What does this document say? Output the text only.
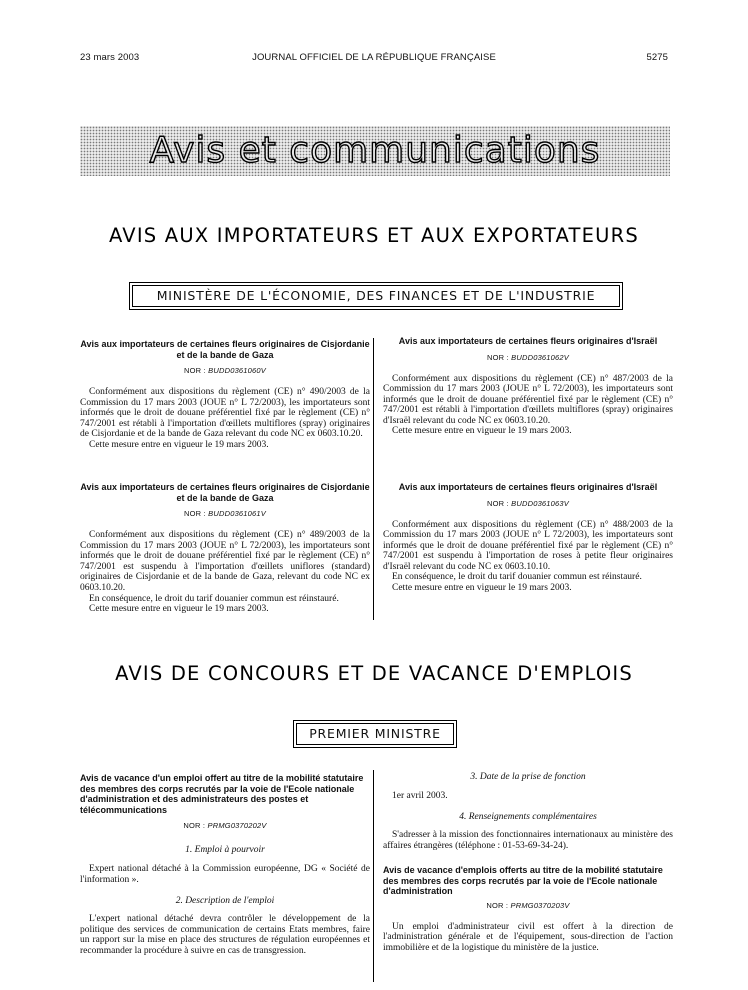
23 mars 2003	JOURNAL OFFICIEL DE LA RÉPUBLIQUE FRANÇAISE	5275
Avis et communications
AVIS AUX IMPORTATEURS ET AUX EXPORTATEURS
MINISTÈRE DE L'ÉCONOMIE, DES FINANCES ET DE L'INDUSTRIE
Avis aux importateurs de certaines fleurs originaires de Cisjordanie et de la bande de Gaza
NOR : BUDD0361060V
Conformément aux dispositions du règlement (CE) n° 490/2003 de la Commission du 17 mars 2003 (JOUE n° L 72/2003), les importateurs sont informés que le droit de douane préférentiel fixé par le règlement (CE) n° 747/2001 est rétabli à l'importation d'œillets multiflores (spray) originaires de Cisjordanie et de la bande de Gaza relevant du code NC ex 0603.10.20.
Cette mesure entre en vigueur le 19 mars 2003.
Avis aux importateurs de certaines fleurs originaires d'Israël
NOR : BUDD0361062V
Conformément aux dispositions du règlement (CE) n° 487/2003 de la Commission du 17 mars 2003 (JOUE n° L 72/2003), les importateurs sont informés que le droit de douane préférentiel fixé par le règlement (CE) n° 747/2001 est rétabli à l'importation d'œillets multiflores (spray) originaires d'Israël relevant du code NC ex 0603.10.20.
Cette mesure entre en vigueur le 19 mars 2003.
Avis aux importateurs de certaines fleurs originaires de Cisjordanie et de la bande de Gaza
NOR : BUDD0361061V
Conformément aux dispositions du règlement (CE) n° 489/2003 de la Commission du 17 mars 2003 (JOUE n° L 72/2003), les importateurs sont informés que le droit de douane préférentiel fixé par le règlement (CE) n° 747/2001 est suspendu à l'importation d'œillets uniflores (standard) originaires de Cisjordanie et de la bande de Gaza, relevant du code NC ex 0603.10.20.
En conséquence, le droit du tarif douanier commun est réinstauré.
Cette mesure entre en vigueur le 19 mars 2003.
Avis aux importateurs de certaines fleurs originaires d'Israël
NOR : BUDD0361063V
Conformément aux dispositions du règlement (CE) n° 488/2003 de la Commission du 17 mars 2003 (JOUE n° L 72/2003), les importateurs sont informés que le droit de douane préférentiel fixé par le règlement (CE) n° 747/2001 est suspendu à l'importation de roses à petite fleur originaires d'Israël relevant du code NC ex 0603.10.10.
En conséquence, le droit du tarif douanier commun est réinstauré.
Cette mesure entre en vigueur le 19 mars 2003.
AVIS DE CONCOURS ET DE VACANCE D'EMPLOIS
PREMIER MINISTRE
Avis de vacance d'un emploi offert au titre de la mobilité statutaire des membres des corps recrutés par la voie de l'Ecole nationale d'administration et des administrateurs des postes et télécommunications
NOR : PRMG0370202V
1. Emploi à pourvoir
Expert national détaché à la Commission européenne, DG « Société de l'information ».
2. Description de l'emploi
L'expert national détaché devra contrôler le développement de la politique des services de communication de certains Etats membres, faire un rapport sur la mise en place des structures de régulation européennes et recommander la procédure à suivre en cas de transgression.
3. Date de la prise de fonction
1er avril 2003.
4. Renseignements complémentaires
S'adresser à la mission des fonctionnaires internationaux au ministère des affaires étrangères (téléphone : 01-53-69-34-24).
Avis de vacance d'emplois offerts au titre de la mobilité statutaire des membres des corps recrutés par la voie de l'Ecole nationale d'administration
NOR : PRMG0370203V
Un emploi d'administrateur civil est offert à la direction de l'administration générale et de l'équipement, sous-direction de l'action immobilière et de la logistique du ministère de la justice.
